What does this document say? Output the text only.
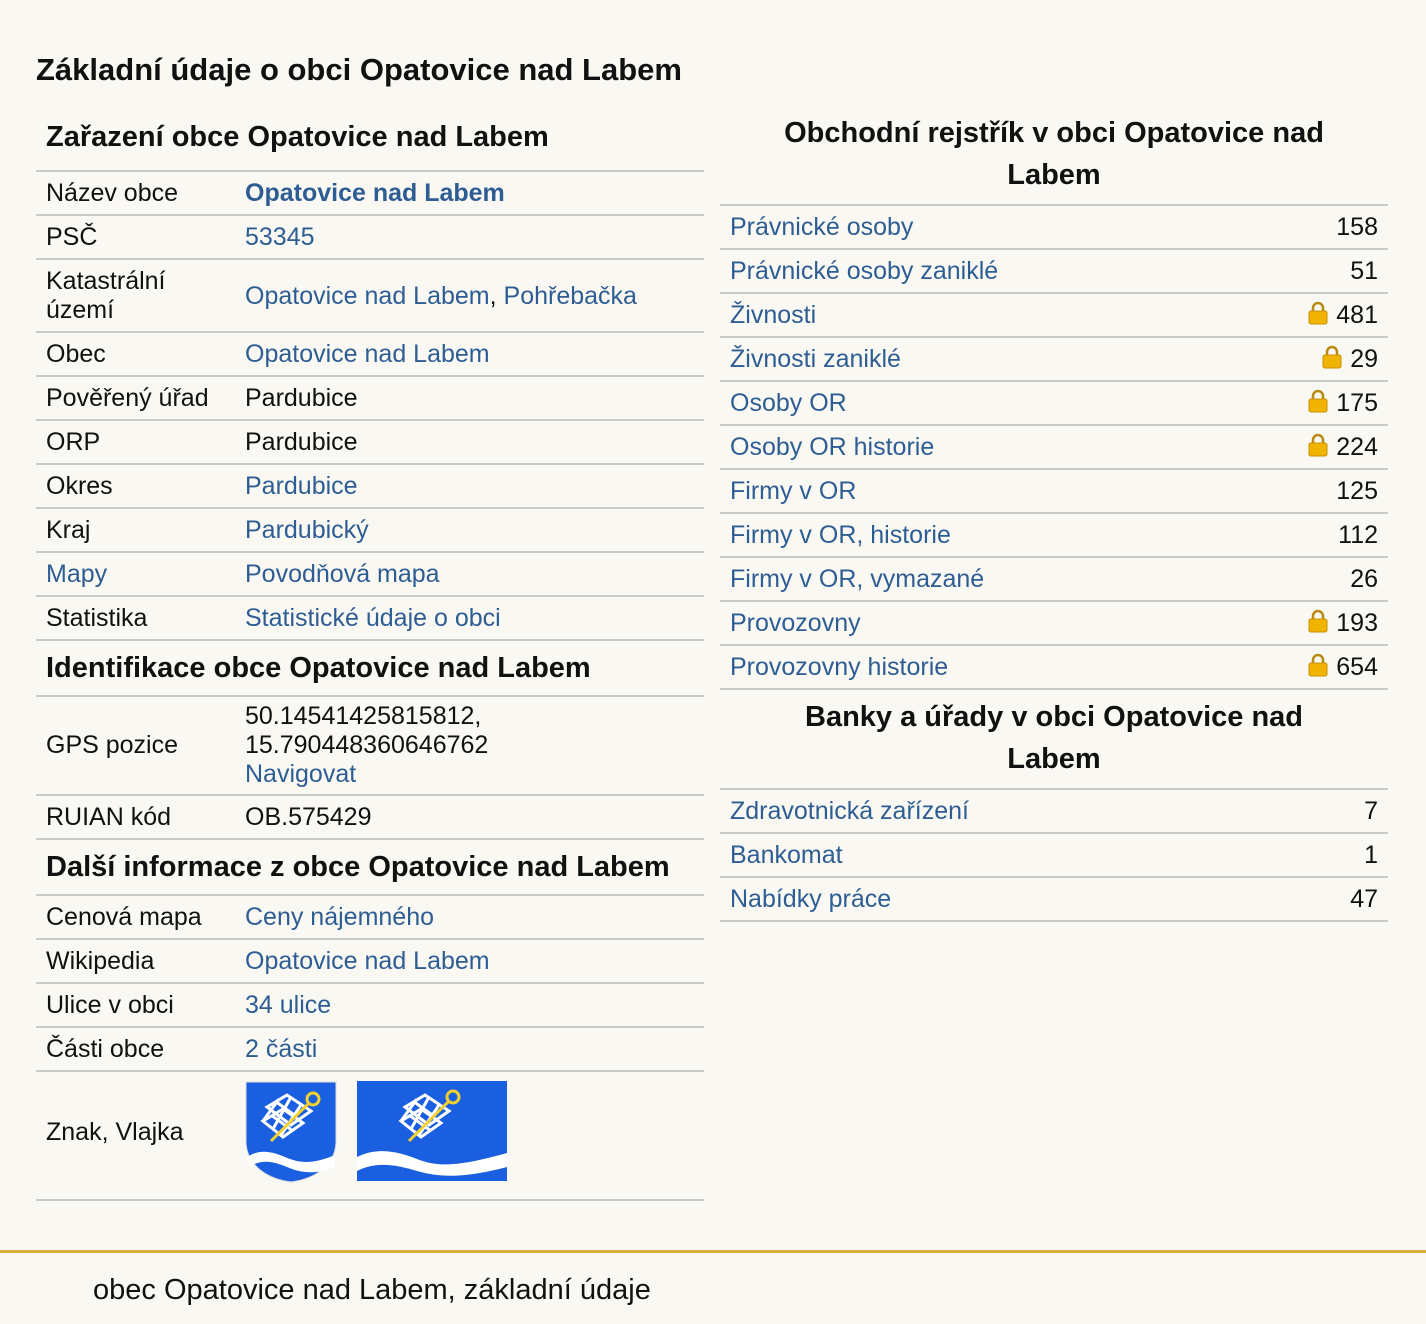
Základní údaje o obci Opatovice nad Labem
Zařazení obce Opatovice nad Labem
Název obce	Opatovice nad Labem
PSČ	53345
Katastrální území	Opatovice nad Labem, Pohřebačka
Obec	Opatovice nad Labem
Pověřený úřad	Pardubice
ORP	Pardubice
Okres	Pardubice
Kraj	Pardubický
Mapy	Povodňová mapa
Statistika	Statistické údaje o obci
Identifikace obce Opatovice nad Labem
GPS pozice	50.14541425815812,
15.790448360646762
Navigovat
RUIAN kód	OB.575429
Další informace z obce Opatovice nad Labem
Cenová mapa	Ceny nájemného
Wikipedia	Opatovice nad Labem
Ulice v obci	34 ulice
Části obce	2 části
Znak, Vlajka	
Obchodní rejstřík v obci Opatovice nad Labem
Právnické osoby	158
Právnické osoby zaniklé	51
Živnosti	481
Živnosti zaniklé	29
Osoby OR	175
Osoby OR historie	224
Firmy v OR	125
Firmy v OR, historie	112
Firmy v OR, vymazané	26
Provozovny	193
Provozovny historie	654
Banky a úřady v obci Opatovice nad Labem
Zdravotnická zařízení	7
Bankomat	1
Nabídky práce	47
obec Opatovice nad Labem, základní údaje
